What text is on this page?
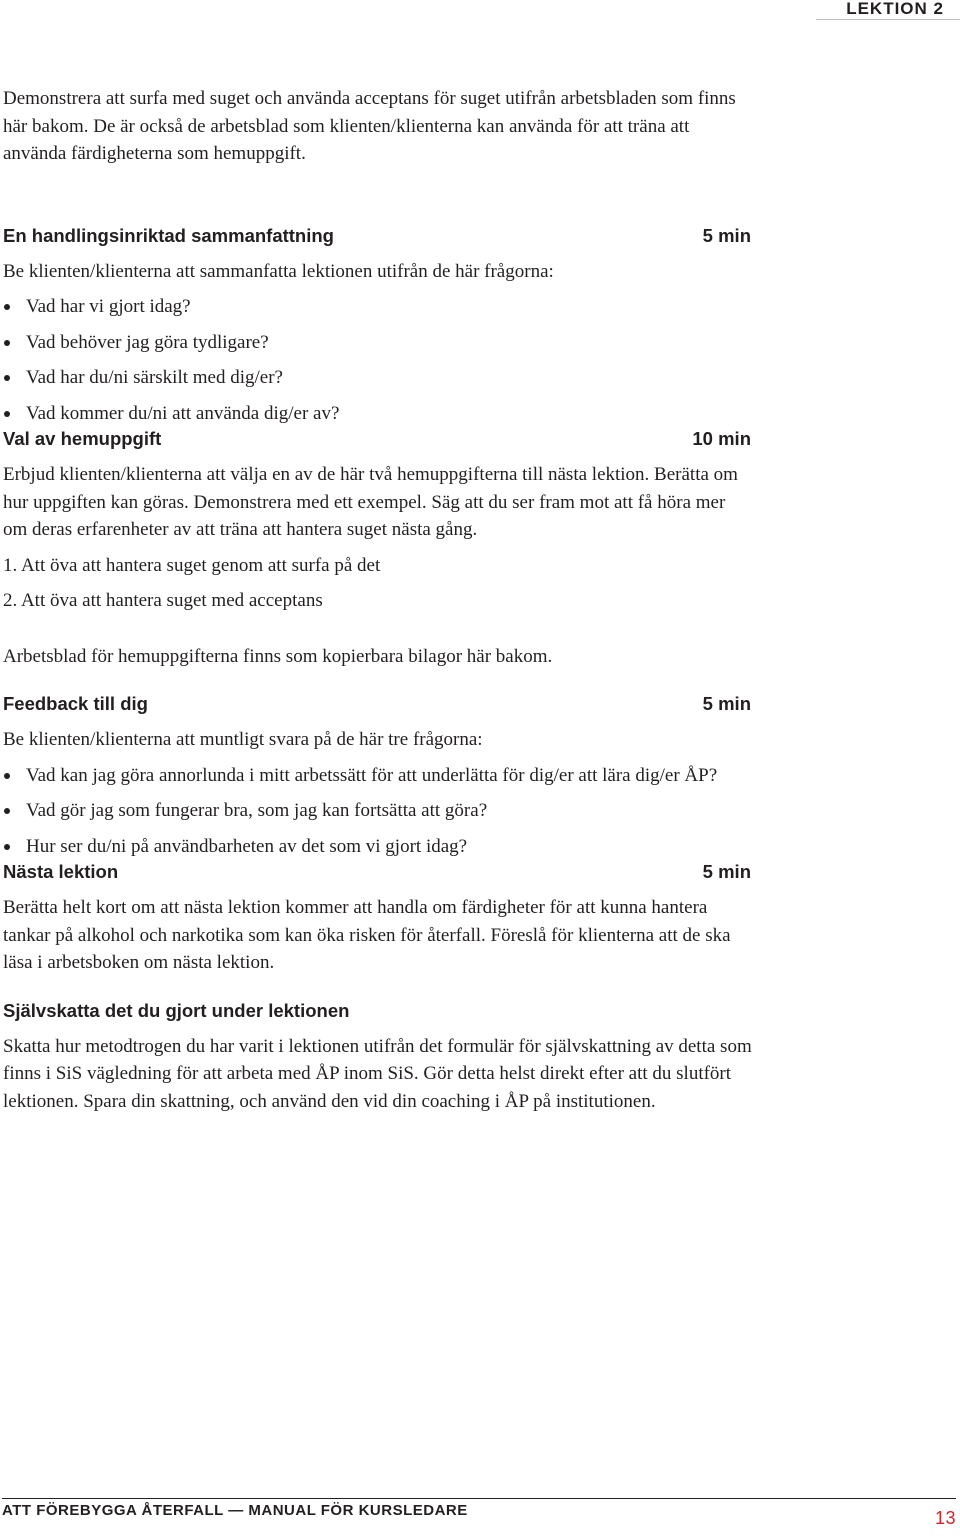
LEKTION 2

Demonstrera att surfa med suget och använda acceptans för suget utifrån arbetsbladen som finns här bakom. De är också de arbetsblad som klienten/klienterna kan använda för att träna att använda färdigheterna som hemuppgift.

En handlingsinriktad sammanfattning	5 min

Be klienten/klienterna att sammanfatta lektionen utifrån de här frågorna:

Vad har vi gjort idag?
Vad behöver jag göra tydligare?
Vad har du/ni särskilt med dig/er?
Vad kommer du/ni att använda dig/er av?
Val av hemuppgift	10 min

Erbjud klienten/klienterna att välja en av de här två hemuppgifterna till nästa lektion. Berätta om hur uppgiften kan göras. Demonstrera med ett exempel. Säg att du ser fram mot att få höra mer om deras erfarenheter av att träna att hantera suget nästa gång.

1. Att öva att hantera suget genom att surfa på det

2. Att öva att hantera suget med acceptans

Arbetsblad för hemuppgifterna finns som kopierbara bilagor här bakom.

Feedback till dig	5 min

Be klienten/klienterna att muntligt svara på de här tre frågorna:

Vad kan jag göra annorlunda i mitt arbetssätt för att underlätta för dig/er att lära dig/er ÅP?
Vad gör jag som fungerar bra, som jag kan fortsätta att göra?
Hur ser du/ni på användbarheten av det som vi gjort idag?
Nästa lektion	5 min

Berätta helt kort om att nästa lektion kommer att handla om färdigheter för att kunna hantera tankar på alkohol och narkotika som kan öka risken för återfall. Föreslå för klienterna att de ska läsa i arbetsboken om nästa lektion.

Självskatta det du gjort under lektionen

Skatta hur metodtrogen du har varit i lektionen utifrån det formulär för självskattning av detta som finns i SiS vägledning för att arbeta med ÅP inom SiS. Gör detta helst direkt efter att du slutfört lektionen. Spara din skattning, och använd den vid din coaching i ÅP på institutionen.

ATT FÖREBYGGA ÅTERFALL — MANUAL FÖR KURSLEDARE	13
